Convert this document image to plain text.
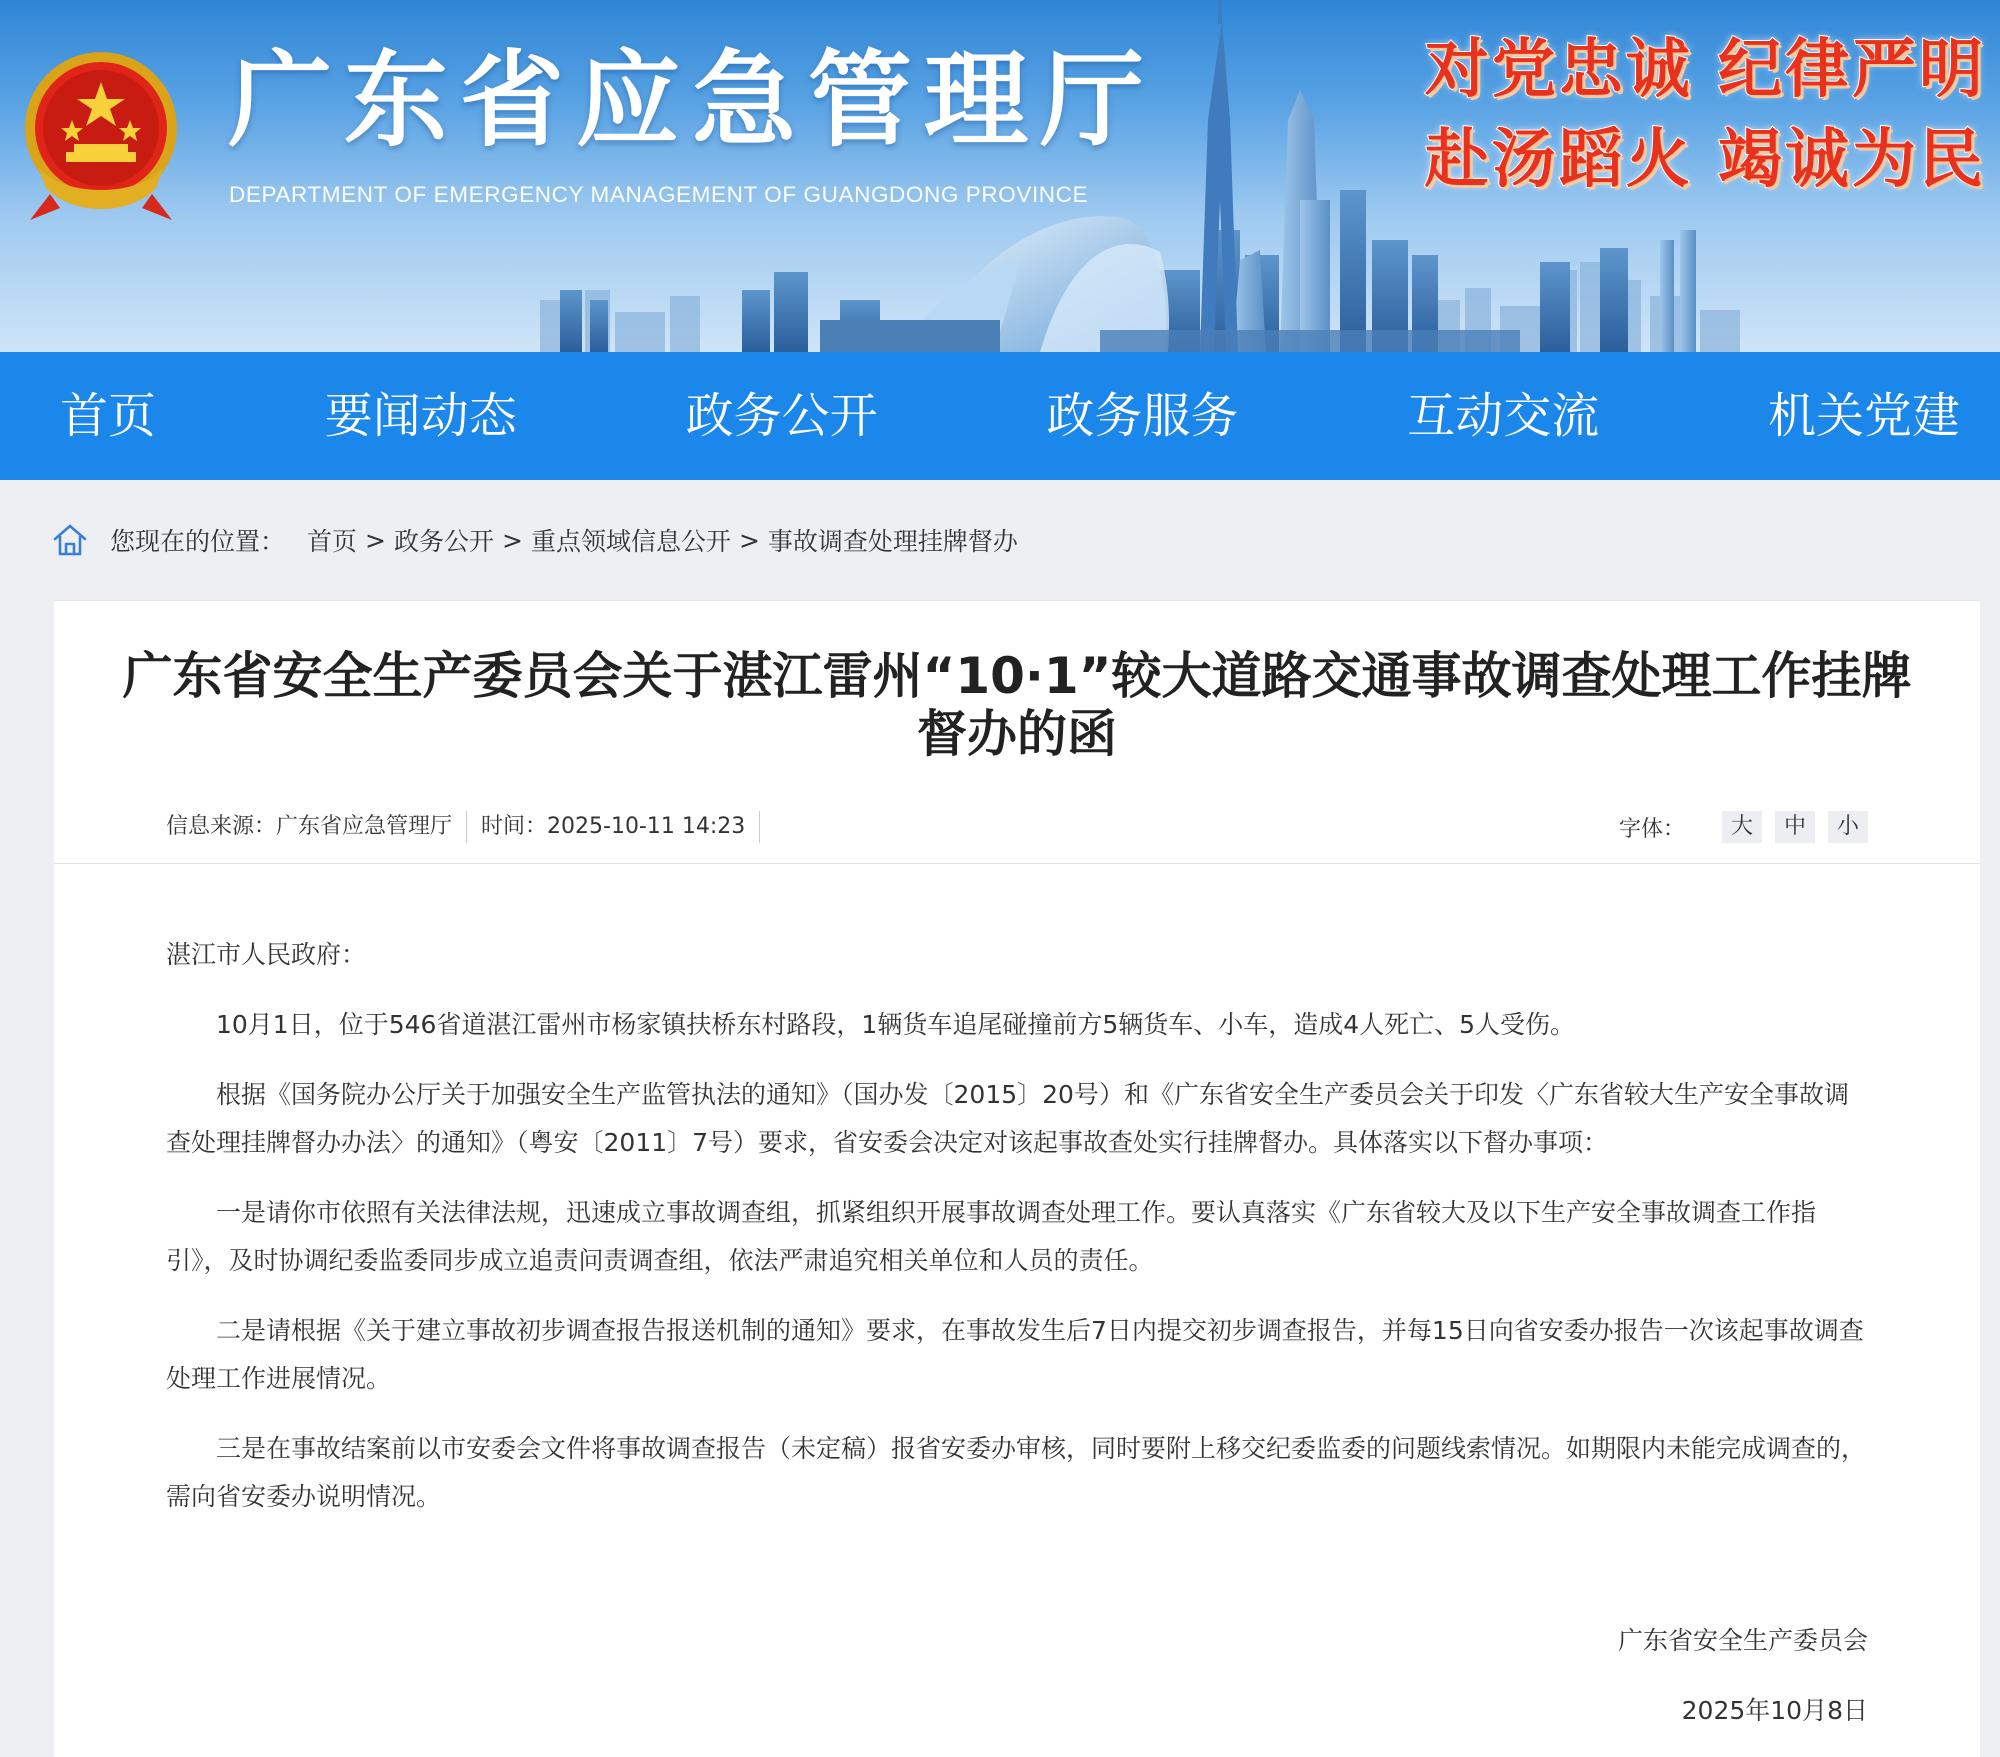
广东省应急管理厅
DEPARTMENT OF EMERGENCY MANAGEMENT OF GUANGDONG PROVINCE
对党忠诚 纪律严明
赴汤蹈火 竭诚为民
首页	要闻动态	政务公开	政务服务	互动交流	机关党建
您现在的位置： 首页 > 政务公开 > 重点领域信息公开 > 事故调查处理挂牌督办
广东省安全生产委员会关于湛江雷州“10·1”较大道路交通事故调查处理工作挂牌督办的函
信息来源：广东省应急管理厅	时间：2025-10-11 14:23	字体：	大	中	小

湛江市人民政府：

10月1日，位于546省道湛江雷州市杨家镇扶桥东村路段，1辆货车追尾碰撞前方5辆货车、小车，造成4人死亡、5人受伤。

根据《国务院办公厅关于加强安全生产监管执法的通知》（国办发〔2015〕20号）和《广东省安全生产委员会关于印发〈广东省较大生产安全事故调查处理挂牌督办办法〉的通知》（粤安〔2011〕7号）要求，省安委会决定对该起事故查处实行挂牌督办。具体落实以下督办事项：

一是请你市依照有关法律法规，迅速成立事故调查组，抓紧组织开展事故调查处理工作。要认真落实《广东省较大及以下生产安全事故调查工作指引》，及时协调纪委监委同步成立追责问责调查组，依法严肃追究相关单位和人员的责任。

二是请根据《关于建立事故初步调查报告报送机制的通知》要求，在事故发生后7日内提交初步调查报告，并每15日向省安委办报告一次该起事故调查处理工作进展情况。

三是在事故结案前以市安委会文件将事故调查报告（未定稿）报省安委办审核，同时要附上移交纪委监委的问题线索情况。如期限内未能完成调查的，需向省安委办说明情况。

广东省安全生产委员会
2025年10月8日
